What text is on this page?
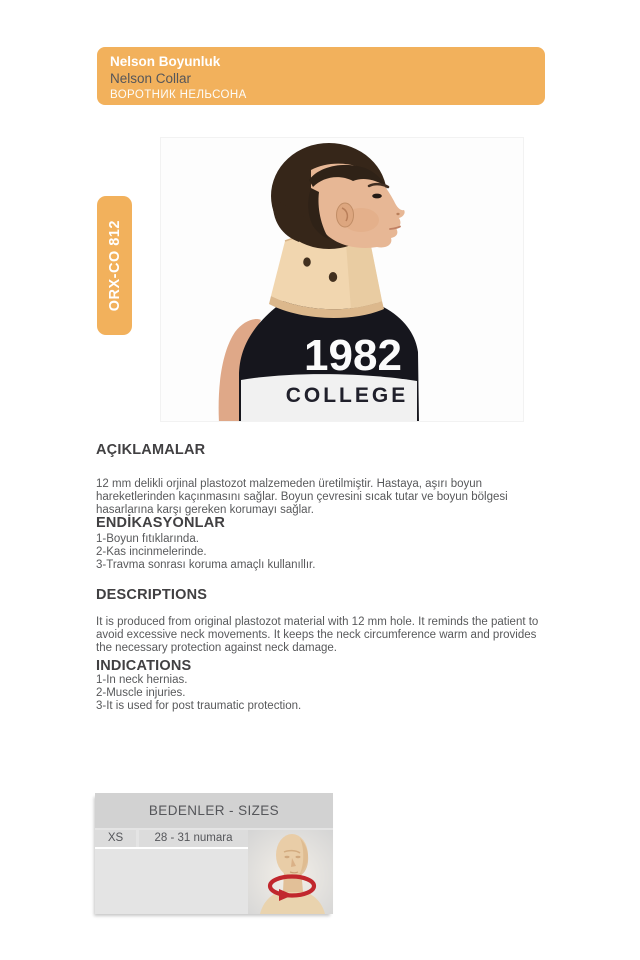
Nelson Boyunluk
Nelson Collar
ВОРОТНИК НЕЛЬСОНА
ORX-CO 812
1982
COLLEGE
AÇIKLAMALAR

12 mm delikli orjinal plastozot malzemeden üretilmiştir. Hastaya, aşırı boyun hareketlerinden kaçınmasını sağlar. Boyun çevresini sıcak tutar ve boyun bölgesi hasarlarına karşı gereken korumayı sağlar.

ENDİKASYONLAR
1-Boyun fıtıklarında.
2-Kas incinmelerinde.
3-Travma sonrası koruma amaçlı kullanıllır.
DESCRIPTIONS

It is produced from original plastozot material with 12 mm hole. It reminds the patient to avoid excessive neck movements. It keeps the neck circumference warm and provides the necessary protection against neck damage.

INDICATIONS
1-In neck hernias.
2-Muscle injuries.
3-It is used for post traumatic protection.
BEDENLER - SIZES
XS	28 - 31 numara
